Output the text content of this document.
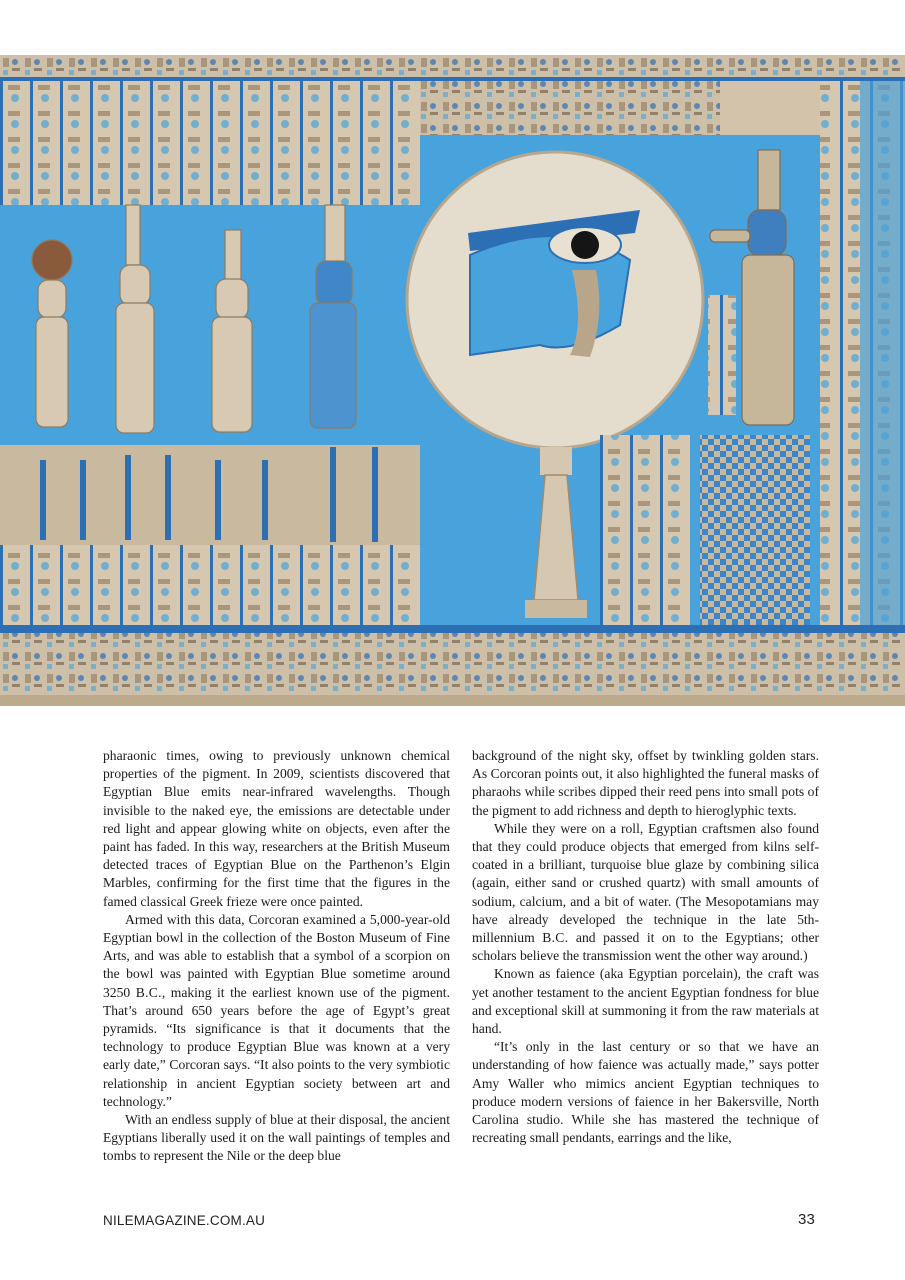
pharaonic times, owing to previously unknown chemical properties of the pigment. In 2009, scientists discovered that Egyptian Blue emits near-infrared wavelengths. Though invisible to the naked eye, the emissions are detectable under red light and appear glowing white on objects, even after the paint has faded. In this way, researchers at the British Museum detected traces of Egyptian Blue on the Parthenon’s Elgin Marbles, confirming for the first time that the figures in the famed classical Greek frieze were once painted.

Armed with this data, Corcoran examined a 5,000-year-old Egyptian bowl in the collection of the Boston Museum of Fine Arts, and was able to establish that a symbol of a scorpion on the bowl was painted with Egyptian Blue sometime around 3250 B.C., making it the earliest known use of the pigment. That’s around 650 years before the age of Egypt’s great pyramids. “Its significance is that it documents that the technology to produce Egyptian Blue was known at a very early date,” Corcoran says. “It also points to the very symbiotic relationship in ancient Egyptian society between art and technology.”

With an endless supply of blue at their disposal, the ancient Egyptians liberally used it on the wall paintings of temples and tombs to represent the Nile or the deep blue

background of the night sky, offset by twinkling golden stars. As Corcoran points out, it also highlighted the funeral masks of pharaohs while scribes dipped their reed pens into small pots of the pigment to add richness and depth to hieroglyphic texts.

While they were on a roll, Egyptian craftsmen also found that they could produce objects that emerged from kilns self-coated in a brilliant, turquoise blue glaze by combining silica (again, either sand or crushed quartz) with small amounts of sodium, calcium, and a bit of water. (The Mesopotamians may have already developed the technique in the late 5th-millennium B.C. and passed it on to the Egyptians; other scholars believe the transmission went the other way around.)

Known as faience (aka Egyptian porcelain), the craft was yet another testament to the ancient Egyptian fondness for blue and exceptional skill at summoning it from the raw materials at hand.

“It’s only in the last century or so that we have an understanding of how faience was actually made,” says potter Amy Waller who mimics ancient Egyptian techniques to produce modern versions of faience in her Bakersville, North Carolina studio. While she has mastered the technique of recreating small pendants, earrings and the like,

NILEMAGAZINE.COM.AU	33
